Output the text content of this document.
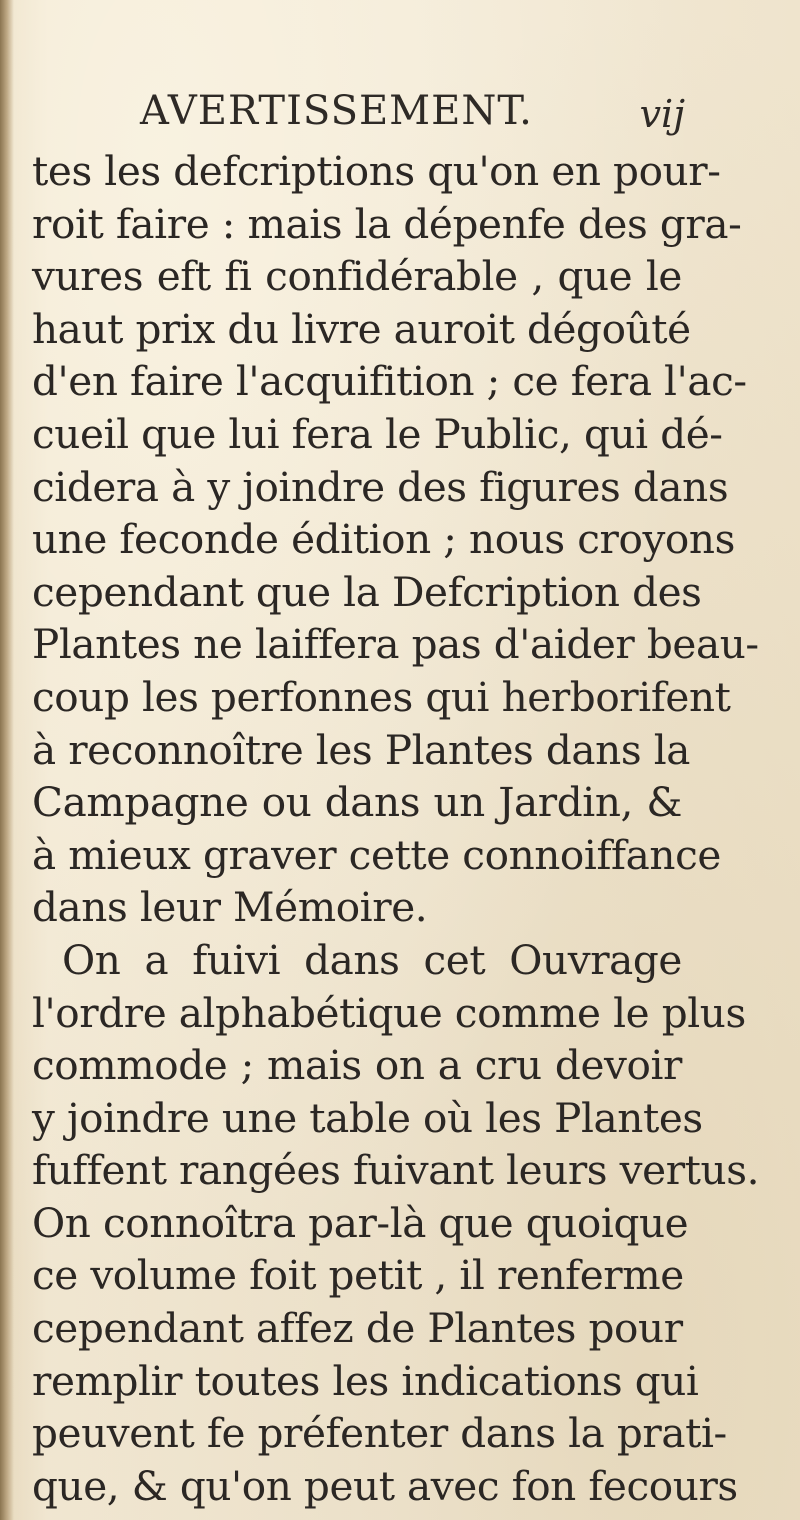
AVERTISSEMENT.	vij
tes les defcriptions qu'on en pour-
roit faire : mais la dépenfe des gra-
vures eft fi confidérable , que le
haut prix du livre auroit dégoûté
d'en faire l'acquifition ; ce fera l'ac-
cueil que lui fera le Public, qui dé-
cidera à y joindre des figures dans
une feconde édition ; nous croyons
cependant que la Defcription des
Plantes ne laiffera pas d'aider beau-
coup les perfonnes qui herborifent
à reconnoître les Plantes dans la
Campagne ou dans un Jardin, &
à mieux graver cette connoiffance
dans leur Mémoire.
On a fuivi dans cet Ouvrage
l'ordre alphabétique comme le plus
commode ; mais on a cru devoir
y joindre une table où les Plantes
fuffent rangées fuivant leurs vertus.
On connoîtra par-là que quoique
ce volume foit petit , il renferme
cependant affez de Plantes pour
remplir toutes les indications qui
peuvent fe préfenter dans la prati-
que, & qu'on peut avec fon fecours
